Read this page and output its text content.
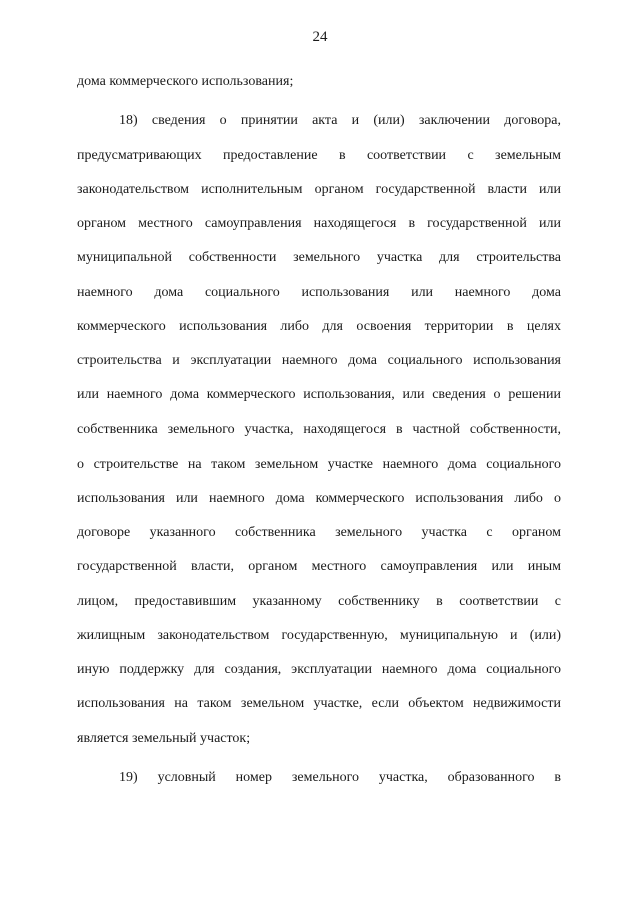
24
дома коммерческого использования;
18) сведения о принятии акта и (или) заключении договора,
предусматривающих предоставление в соответствии с земельным
законодательством исполнительным органом государственной власти или
органом местного самоуправления находящегося в государственной или
муниципальной собственности земельного участка для строительства
наемного дома социального использования или наемного дома
коммерческого использования либо для освоения территории в целях
строительства и эксплуатации наемного дома социального использования
или наемного дома коммерческого использования, или сведения о решении
собственника земельного участка, находящегося в частной собственности,
о строительстве на таком земельном участке наемного дома социального
использования или наемного дома коммерческого использования либо о
договоре указанного собственника земельного участка с органом
государственной власти, органом местного самоуправления или иным
лицом, предоставившим указанному собственнику в соответствии с
жилищным законодательством государственную, муниципальную и (или)
иную поддержку для создания, эксплуатации наемного дома социального
использования на таком земельном участке, если объектом недвижимости
является земельный участок;
19) условный номер земельного участка, образованного в
